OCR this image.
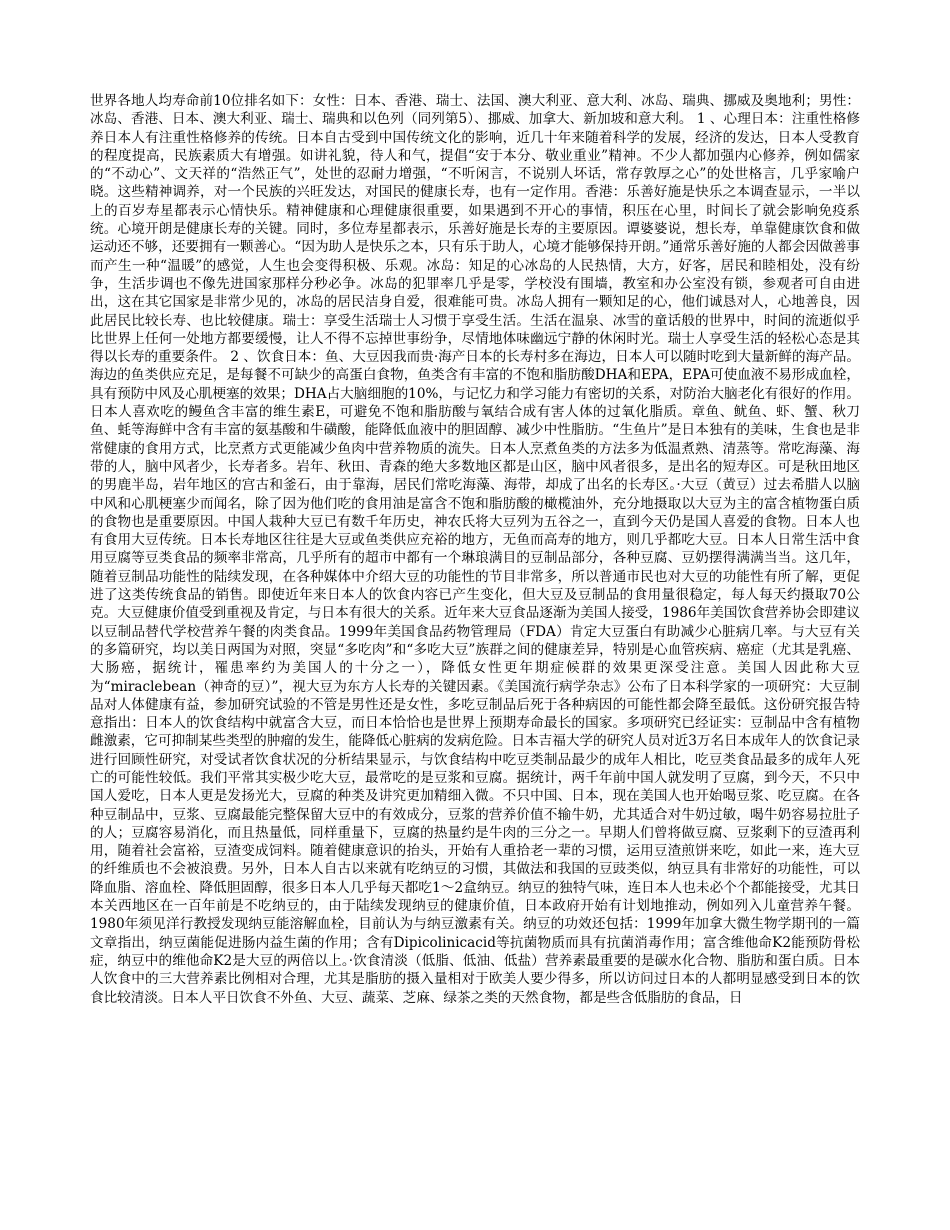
世界各地人均寿命前10位排名如下：女性：日本、香港、瑞士、法国、澳大利亚、意大利、冰岛、瑞典、挪威及奥地利；男性：冰岛、香港、日本、澳大利亚、瑞士、瑞典和以色列（同列第5）、挪威、加拿大、新加坡和意大利。 1 、心理日本：注重性格修养日本人有注重性格修养的传统。日本自古受到中国传统文化的影响，近几十年来随着科学的发展，经济的发达，日本人受教育的程度提高，民族素质大有增强。如讲礼貌，待人和气，提倡“安于本分、敬业重业”精神。不少人都加强内心修养，例如儒家的“不动心”、文天祥的“浩然正气”，处世的忍耐力增强，“不听闲言，不说别人坏话，常存敦厚之心”的处世格言，几乎家喻户晓。这些精神调养，对一个民族的兴旺发达，对国民的健康长寿，也有一定作用。香港：乐善好施是快乐之本调查显示，一半以上的百岁寿星都表示心情快乐。精神健康和心理健康很重要，如果遇到不开心的事情，积压在心里，时间长了就会影响免疫系统。心境开朗是健康长寿的关键。同时，多位寿星都表示，乐善好施是长寿的主要原因。谭婆婆说，想长寿，单靠健康饮食和做运动还不够，还要拥有一颗善心。“因为助人是快乐之本，只有乐于助人，心境才能够保持开朗。”通常乐善好施的人都会因做善事而产生一种“温暖”的感觉，人生也会变得积极、乐观。冰岛：知足的心冰岛的人民热情，大方，好客，居民和睦相处，没有纷争，生活步调也不像先进国家那样分秒必争。冰岛的犯罪率几乎是零，学校没有围墙，教室和办公室没有锁，参观者可自由进出，这在其它国家是非常少见的，冰岛的居民洁身自爱，很难能可贵。冰岛人拥有一颗知足的心，他们诚恳对人，心地善良，因此居民比较长寿、也比较健康。瑞士：享受生活瑞士人习惯于享受生活。生活在温泉、冰雪的童话般的世界中，时间的流逝似乎比世界上任何一处地方都要缓慢，让人不得不忘掉世事纷争，尽情地体味幽远宁静的休闲时光。瑞士人享受生活的轻松心态是其得以长寿的重要条件。 2 、饮食日本：鱼、大豆因我而贵·海产日本的长寿村多在海边，日本人可以随时吃到大量新鲜的海产品。海边的鱼类供应充足，是每餐不可缺少的高蛋白食物，鱼类含有丰富的不饱和脂肪酸DHA和EPA，EPA可使血液不易形成血栓，具有预防中风及心肌梗塞的效果；DHA占大脑细胞的10%，与记忆力和学习能力有密切的关系，对防治大脑老化有很好的作用。日本人喜欢吃的鳗鱼含丰富的维生素E，可避免不饱和脂肪酸与氧结合成有害人体的过氧化脂质。章鱼、鱿鱼、虾、蟹、秋刀鱼、蚝等海鲜中含有丰富的氨基酸和牛磺酸，能降低血液中的胆固醇、减少中性脂肪。“生鱼片”是日本独有的美味，生食也是非常健康的食用方式，比烹煮方式更能减少鱼肉中营养物质的流失。日本人烹煮鱼类的方法多为低温煮熟、清蒸等。常吃海藻、海带的人，脑中风者少，长寿者多。岩年、秋田、青森的绝大多数地区都是山区，脑中风者很多，是出名的短寿区。可是秋田地区的男鹿半岛，岩年地区的宫古和釜石，由于靠海，居民们常吃海藻、海带，却成了出名的长寿区。·大豆（黄豆）过去希腊人以脑中风和心肌梗塞少而闻名，除了因为他们吃的食用油是富含不饱和脂肪酸的橄榄油外，充分地摄取以大豆为主的富含植物蛋白质的食物也是重要原因。中国人栽种大豆已有数千年历史，神农氏将大豆列为五谷之一，直到今天仍是国人喜爱的食物。日本人也有食用大豆传统。日本长寿地区往往是大豆或鱼类供应充裕的地方，无鱼而高寿的地方，则几乎都吃大豆。日本人日常生活中食用豆腐等豆类食品的频率非常高，几乎所有的超市中都有一个琳琅满目的豆制品部分，各种豆腐、豆奶摆得满满当当。这几年，随着豆制品功能性的陆续发现，在各种媒体中介绍大豆的功能性的节目非常多，所以普通市民也对大豆的功能性有所了解，更促进了这类传统食品的销售。即使近年来日本人的饮食内容已产生变化，但大豆及豆制品的食用量很稳定，每人每天约摄取70公克。大豆健康价值受到重视及肯定，与日本有很大的关系。近年来大豆食品逐渐为美国人接受，1986年美国饮食营养协会即建议以豆制品替代学校营养午餐的肉类食品。1999年美国食品药物管理局（FDA）肯定大豆蛋白有助减少心脏病几率。与大豆有关的多篇研究，均以美日两国为对照，突显“多吃肉”和“多吃大豆”族群之间的健康差异，特别是心血管疾病、癌症（尤其是乳癌、大肠癌，据统计，罹患率约为美国人的十分之一），降低女性更年期症候群的效果更深受注意。美国人因此称大豆为“miraclebean（神奇的豆）”，视大豆为东方人长寿的关键因素。《美国流行病学杂志》公布了日本科学家的一项研究：大豆制品对人体健康有益，参加研究试验的不管是男性还是女性，多吃豆制品后死于各种病因的可能性都会降至最低。这份研究报告特意指出：日本人的饮食结构中就富含大豆，而日本恰恰也是世界上预期寿命最长的国家。多项研究已经证实：豆制品中含有植物雌激素，它可抑制某些类型的肿瘤的发生，能降低心脏病的发病危险。日本吉福大学的研究人员对近3万名日本成年人的饮食记录进行回顾性研究，对受试者饮食状况的分析结果显示，与饮食结构中吃豆类制品最少的成年人相比，吃豆类食品最多的成年人死亡的可能性较低。我们平常其实极少吃大豆，最常吃的是豆浆和豆腐。据统计，两千年前中国人就发明了豆腐，到今天，不只中国人爱吃，日本人更是发扬光大，豆腐的种类及讲究更加精细入微。不只中国、日本，现在美国人也开始喝豆浆、吃豆腐。在各种豆制品中，豆浆、豆腐最能完整保留大豆中的有效成分，豆浆的营养价值不输牛奶，尤其适合对牛奶过敏，喝牛奶容易拉肚子的人；豆腐容易消化，而且热量低，同样重量下，豆腐的热量约是牛肉的三分之一。早期人们曾将做豆腐、豆浆剩下的豆渣再利用，随着社会富裕，豆渣变成饲料。随着健康意识的抬头，开始有人重拾老一辈的习惯，运用豆渣煎饼来吃，如此一来，连大豆的纤维质也不会被浪费。另外，日本人自古以来就有吃纳豆的习惯，其做法和我国的豆豉类似，纳豆具有非常好的功能性，可以降血脂、溶血栓、降低胆固醇，很多日本人几乎每天都吃1～2盒纳豆。纳豆的独特气味，连日本人也未必个个都能接受，尤其日本关西地区在一百年前是不吃纳豆的，由于陆续发现纳豆的健康价值，日本政府开始有计划地推动，例如列入儿童营养午餐。1980年须见洋行教授发现纳豆能溶解血栓，目前认为与纳豆激素有关。纳豆的功效还包括：1999年加拿大微生物学期刊的一篇文章指出，纳豆菌能促进肠内益生菌的作用；含有Dipicolinicacid等抗菌物质而具有抗菌消毒作用；富含维他命K2能预防骨松症，纳豆中的维他命K2是大豆的两倍以上。·饮食清淡（低脂、低油、低盐）营养素最重要的是碳水化合物、脂肪和蛋白质。日本人饮食中的三大营养素比例相对合理，尤其是脂肪的摄入量相对于欧美人要少得多，所以访问过日本的人都明显感受到日本的饮食比较清淡。日本人平日饮食不外鱼、大豆、蔬菜、芝麻、绿茶之类的天然食物，都是些含低脂肪的食品，日
